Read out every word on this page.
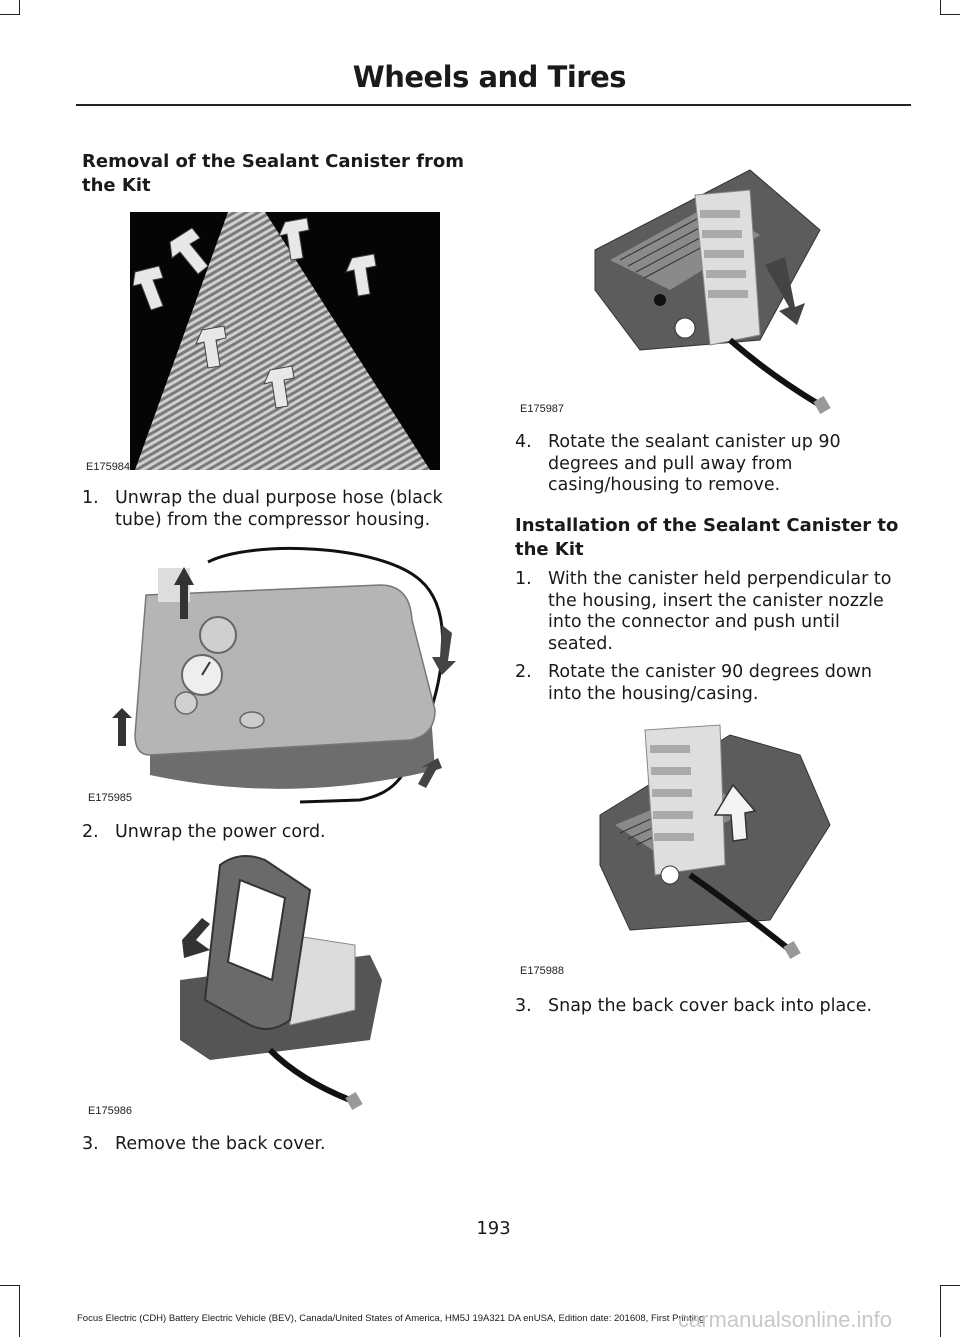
Wheels and Tires
Removal of the Sealant Canister from the Kit
E175984
1. Unwrap the dual purpose hose (black tube) from the compressor housing.
E175985
2. Unwrap the power cord.
E175986
3. Remove the back cover.
E175987
4. Rotate the sealant canister up 90 degrees and pull away from casing/housing to remove.
Installation of the Sealant Canister to the Kit
1. With the canister held perpendicular to the housing, insert the canister nozzle into the connector and push until seated.
2. Rotate the canister 90 degrees down into the housing/casing.
E175988
3. Snap the back cover back into place.
193
Focus Electric (CDH) Battery Electric Vehicle (BEV), Canada/United States of America, HM5J 19A321 DA enUSA, Edition date: 201608, First Printing
carmanualsonline.info
